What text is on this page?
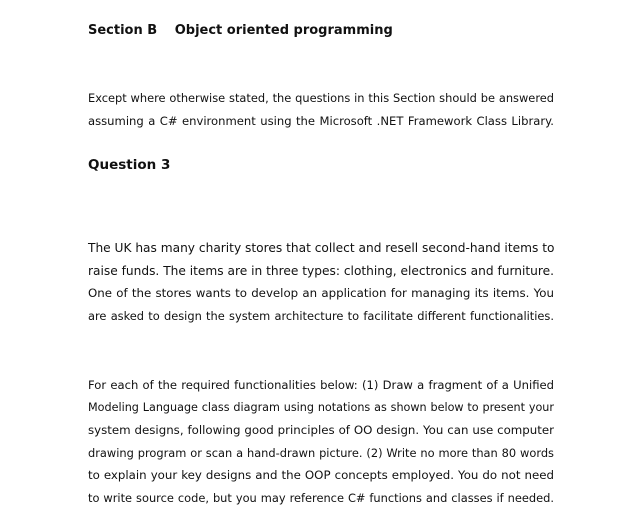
Section B Object oriented programming
Except where otherwise stated, the questions in this Section should be answered
assuming a C# environment using the Microsoft .NET Framework Class Library.
Question 3
The UK has many charity stores that collect and resell second-hand items to
raise funds. The items are in three types: clothing, electronics and furniture.
One of the stores wants to develop an application for managing its items. You
are asked to design the system architecture to facilitate different functionalities.
For each of the required functionalities below: (1) Draw a fragment of a Unified
Modeling Language class diagram using notations as shown below to present your
system designs, following good principles of OO design. You can use computer
drawing program or scan a hand-drawn picture. (2) Write no more than 80 words
to explain your key designs and the OOP concepts employed. You do not need
to write source code, but you may reference C# functions and classes if needed.
